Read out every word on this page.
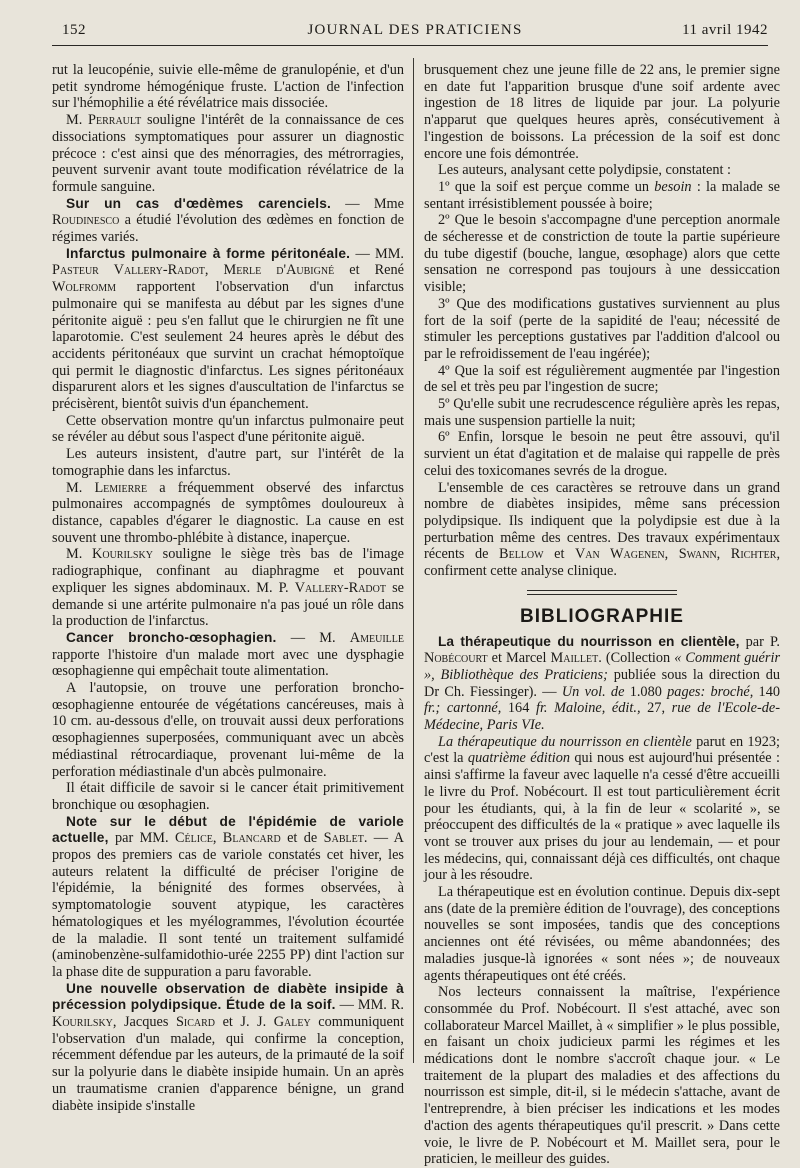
152	JOURNAL DES PRATICIENS	11 avril 1942

rut la leucopénie, suivie elle-même de granulopénie, et d'un petit syndrome hémogénique fruste. L'action de l'infection sur l'hémophilie a été révélatrice mais dissociée.

M. Perrault souligne l'intérêt de la connaissance de ces dissociations symptomatiques pour assurer un diagnostic précoce : c'est ainsi que des ménorragies, des métrorragies, peuvent survenir avant toute modification révélatrice de la formule sanguine.

Sur un cas d'œdèmes carenciels. — Mme Roudinesco a étudié l'évolution des œdèmes en fonction de régimes variés.

Infarctus pulmonaire à forme péritonéale. — MM. Pasteur Vallery-Radot, Merle d'Aubigné et René Wolfromm rapportent l'observation d'un infarctus pulmonaire qui se manifesta au début par les signes d'une péritonite aiguë : peu s'en fallut que le chirurgien ne fît une laparotomie. C'est seulement 24 heures après le début des accidents péritonéaux que survint un crachat hémoptoïque qui permit le diagnostic d'infarctus. Les signes péritonéaux disparurent alors et les signes d'auscultation de l'infarctus se précisèrent, bientôt suivis d'un épanchement.

Cette observation montre qu'un infarctus pulmonaire peut se révéler au début sous l'aspect d'une péritonite aiguë.

Les auteurs insistent, d'autre part, sur l'intérêt de la tomographie dans les infarctus.

M. Lemierre a fréquemment observé des infarctus pulmonaires accompagnés de symptômes douloureux à distance, capables d'égarer le diagnostic. La cause en est souvent une thrombo-phlébite à distance, inaperçue.

M. Kourilsky souligne le siège très bas de l'image radiographique, confinant au diaphragme et pouvant expliquer les signes abdominaux. M. P. Vallery-Radot se demande si une artérite pulmonaire n'a pas joué un rôle dans la production de l'infarctus.

Cancer broncho-œsophagien. — M. Ameuille rapporte l'histoire d'un malade mort avec une dysphagie œsophagienne qui empêchait toute alimentation.

A l'autopsie, on trouve une perforation broncho-œsophagienne entourée de végétations cancéreuses, mais à 10 cm. au-dessous d'elle, on trouvait aussi deux perforations œsophagiennes superposées, communiquant avec un abcès médiastinal rétrocardiaque, provenant lui-même de la perforation médiastinale d'un abcès pulmonaire.

Il était difficile de savoir si le cancer était primitivement bronchique ou œsophagien.

Note sur le début de l'épidémie de variole actuelle, par MM. Célice, Blancard et de Sablet. — A propos des premiers cas de variole constatés cet hiver, les auteurs relatent la difficulté de préciser l'origine de l'épidémie, la bénignité des formes observées, à symptomatologie souvent atypique, les caractères hématologiques et les myélogrammes, l'évolution écourtée de la maladie. Il sont tenté un traitement sulfamidé (aminobenzène-sulfamidothio-urée 2255 PP) dint l'action sur la phase dite de suppuration a paru favorable.

Une nouvelle observation de diabète insipide à précession polydipsique. Étude de la soif. — MM. R. Kourilsky, Jacques Sicard et J. J. Galey communiquent l'observation d'un malade, qui confirme la conception, récemment défendue par les auteurs, de la primauté de la soif sur la polyurie dans le diabète insipide humain. Un an après un traumatisme cranien d'apparence bénigne, un grand diabète insipide s'installe

brusquement chez une jeune fille de 22 ans, le premier signe en date fut l'apparition brusque d'une soif ardente avec ingestion de 18 litres de liquide par jour. La polyurie n'apparut que quelques heures après, consécutivement à l'ingestion de boissons. La précession de la soif est donc encore une fois démontrée.

Les auteurs, analysant cette polydipsie, constatent :

1º que la soif est perçue comme un besoin : la malade se sentant irrésistiblement poussée à boire;

2º Que le besoin s'accompagne d'une perception anormale de sécheresse et de constriction de toute la partie supérieure du tube digestif (bouche, langue, œsophage) alors que cette sensation ne correspond pas toujours à une dessiccation visible;

3º Que des modifications gustatives surviennent au plus fort de la soif (perte de la sapidité de l'eau; nécessité de stimuler les perceptions gustatives par l'addition d'alcool ou par le refroidissement de l'eau ingérée);

4º Que la soif est régulièrement augmentée par l'ingestion de sel et très peu par l'ingestion de sucre;

5º Qu'elle subit une recrudescence régulière après les repas, mais une suspension partielle la nuit;

6º Enfin, lorsque le besoin ne peut être assouvi, qu'il survient un état d'agitation et de malaise qui rappelle de près celui des toxicomanes sevrés de la drogue.

L'ensemble de ces caractères se retrouve dans un grand nombre de diabètes insipides, même sans précession polydipsique. Ils indiquent que la polydipsie est due à la perturbation même des centres. Des travaux expérimentaux récents de Bellow et Van Wagenen, Swann, Richter, confirment cette analyse clinique.

BIBLIOGRAPHIE

La thérapeutique du nourrisson en clientèle, par P. Nobécourt et Marcel Maillet. (Collection « Comment guérir », Bibliothèque des Praticiens; publiée sous la direction du Dr Ch. Fiessinger). — Un vol. de 1.080 pages: broché, 140 fr.; cartonné, 164 fr. Maloine, édit., 27, rue de l'Ecole-de-Médecine, Paris VIe.

La thérapeutique du nourrisson en clientèle parut en 1923; c'est la quatrième édition qui nous est aujourd'hui présentée : ainsi s'affirme la faveur avec laquelle n'a cessé d'être accueilli le livre du Prof. Nobécourt. Il est tout particulièrement écrit pour les étudiants, qui, à la fin de leur « scolarité », se préoccupent des difficultés de la « pratique » avec laquelle ils vont se trouver aux prises du jour au lendemain, — et pour les médecins, qui, connaissant déjà ces difficultés, ont chaque jour à les résoudre.

La thérapeutique est en évolution continue. Depuis dix-sept ans (date de la première édition de l'ouvrage), des conceptions nouvelles se sont imposées, tandis que des conceptions anciennes ont été révisées, ou même abandonnées; des maladies jusque-là ignorées « sont nées »; de nouveaux agents thérapeutiques ont été créés.

Nos lecteurs connaissent la maîtrise, l'expérience consommée du Prof. Nobécourt. Il s'est attaché, avec son collaborateur Marcel Maillet, à « simplifier » le plus possible, en faisant un choix judicieux parmi les régimes et les médications dont le nombre s'accroît chaque jour. « Le traitement de la plupart des maladies et des affections du nourrisson est simple, dit-il, si le médecin s'attache, avant de l'entreprendre, à bien préciser les indications et les modes d'action des agents thérapeutiques qu'il prescrit. » Dans cette voie, le livre de P. Nobécourt et M. Maillet sera, pour le praticien, le meilleur des guides.
